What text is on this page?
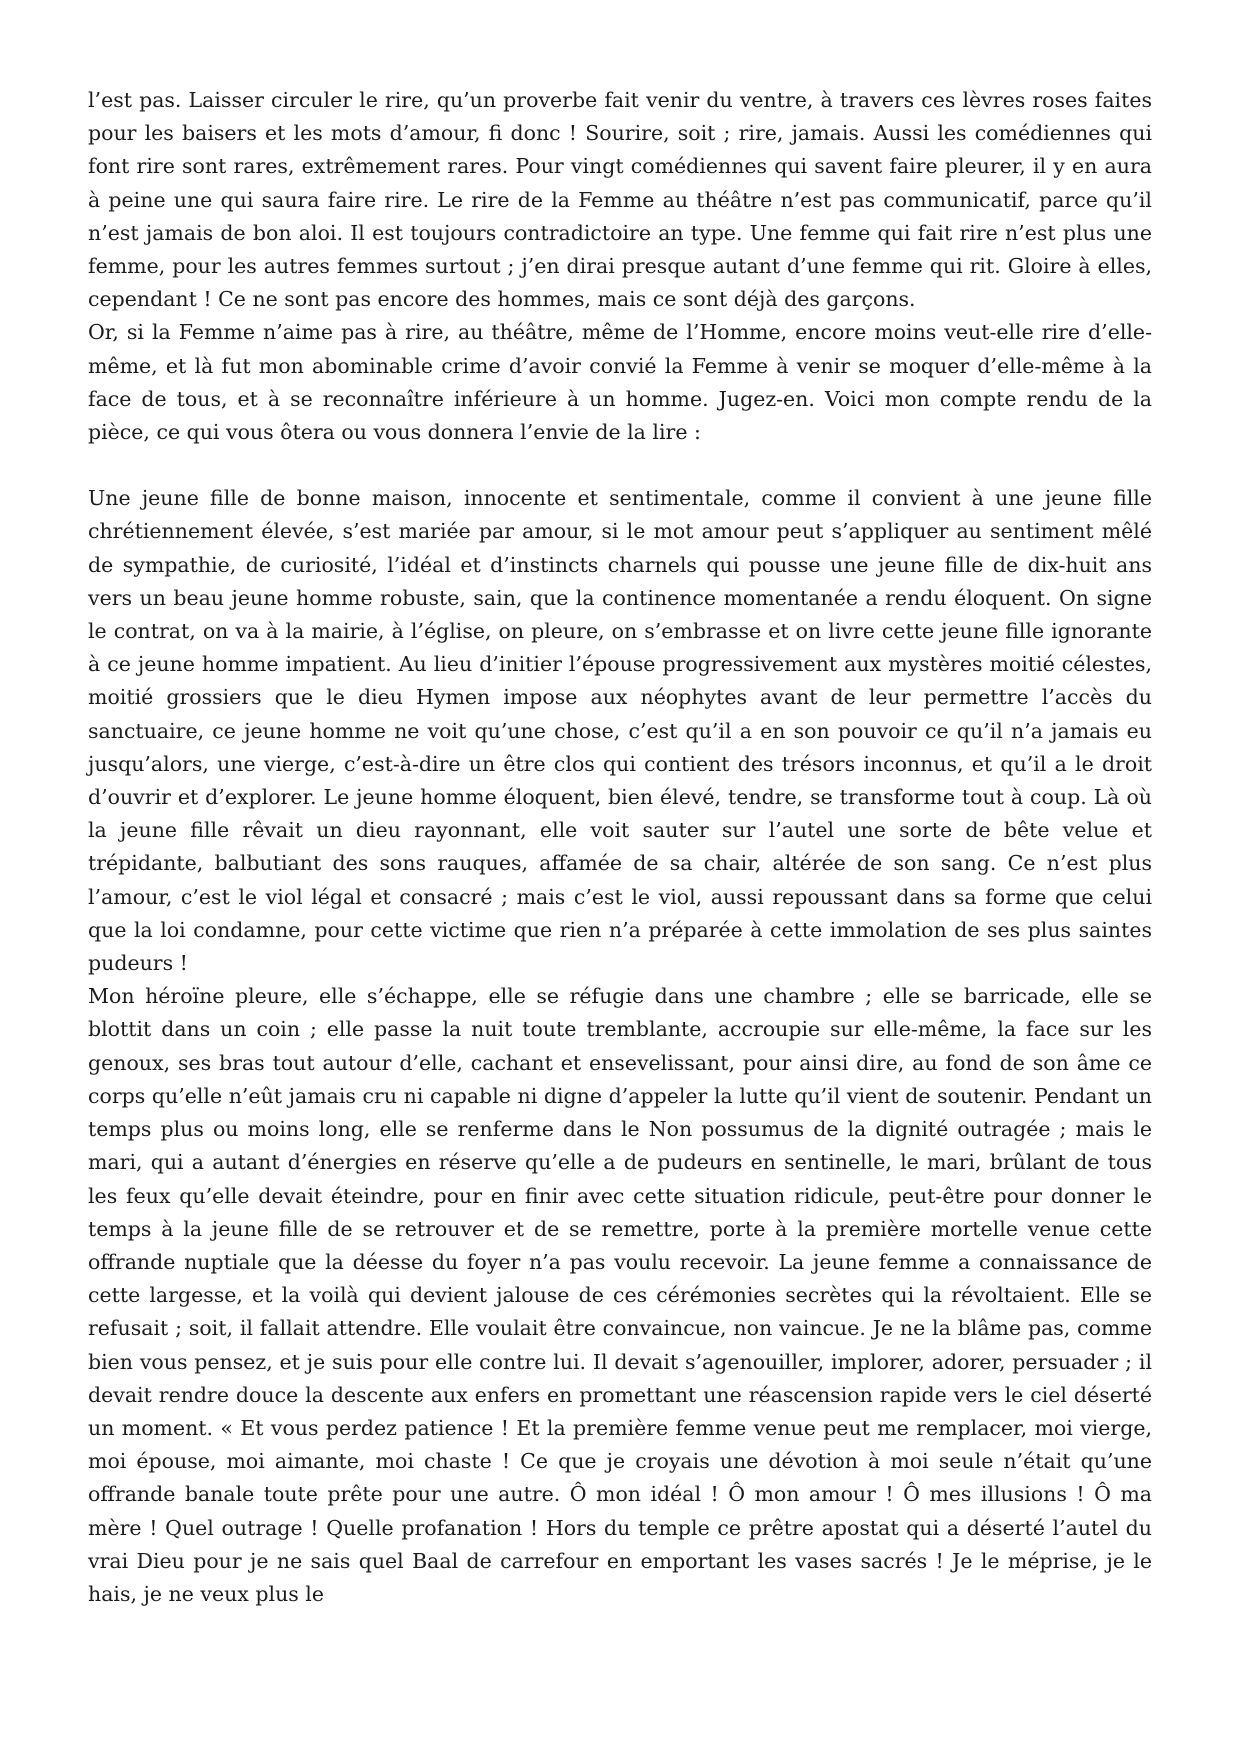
l’est pas. Laisser circuler le rire, qu’un proverbe fait venir du ventre, à travers ces lèvres roses faites pour les baisers et les mots d’amour, fi donc ! Sourire, soit ; rire, jamais. Aussi les comédiennes qui font rire sont rares, extrêmement rares. Pour vingt comédiennes qui savent faire pleurer, il y en aura à peine une qui saura faire rire. Le rire de la Femme au théâtre n’est pas communicatif, parce qu’il n’est jamais de bon aloi. Il est toujours contradictoire an type. Une femme qui fait rire n’est plus une femme, pour les autres femmes surtout ; j’en dirai presque autant d’une femme qui rit. Gloire à elles, cependant ! Ce ne sont pas encore des hommes, mais ce sont déjà des garçons.

Or, si la Femme n’aime pas à rire, au théâtre, même de l’Homme, encore moins veut-elle rire d’elle-même, et là fut mon abominable crime d’avoir convié la Femme à venir se moquer d’elle-même à la face de tous, et à se reconnaître inférieure à un homme. Jugez-en. Voici mon compte rendu de la pièce, ce qui vous ôtera ou vous donnera l’envie de la lire :

Une jeune fille de bonne maison, innocente et sentimentale, comme il convient à une jeune fille chrétiennement élevée, s’est mariée par amour, si le mot amour peut s’appliquer au sentiment mêlé de sympathie, de curiosité, l’idéal et d’instincts charnels qui pousse une jeune fille de dix-huit ans vers un beau jeune homme robuste, sain, que la continence momentanée a rendu éloquent. On signe le contrat, on va à la mairie, à l’église, on pleure, on s’embrasse et on livre cette jeune fille ignorante à ce jeune homme impatient. Au lieu d’initier l’épouse progressivement aux mystères moitié célestes, moitié grossiers que le dieu Hymen impose aux néophytes avant de leur permettre l’accès du sanctuaire, ce jeune homme ne voit qu’une chose, c’est qu’il a en son pouvoir ce qu’il n’a jamais eu jusqu’alors, une vierge, c’est-à-dire un être clos qui contient des trésors inconnus, et qu’il a le droit d’ouvrir et d’explorer. Le jeune homme éloquent, bien élevé, tendre, se transforme tout à coup. Là où la jeune fille rêvait un dieu rayonnant, elle voit sauter sur l’autel une sorte de bête velue et trépidante, balbutiant des sons rauques, affamée de sa chair, altérée de son sang. Ce n’est plus l’amour, c’est le viol légal et consacré ; mais c’est le viol, aussi repoussant dans sa forme que celui que la loi condamne, pour cette victime que rien n’a préparée à cette immolation de ses plus saintes pudeurs !

Mon héroïne pleure, elle s’échappe, elle se réfugie dans une chambre ; elle se barricade, elle se blottit dans un coin ; elle passe la nuit toute tremblante, accroupie sur elle-même, la face sur les genoux, ses bras tout autour d’elle, cachant et ensevelissant, pour ainsi dire, au fond de son âme ce corps qu’elle n’eût jamais cru ni capable ni digne d’appeler la lutte qu’il vient de soutenir. Pendant un temps plus ou moins long, elle se renferme dans le Non possumus de la dignité outragée ; mais le mari, qui a autant d’énergies en réserve qu’elle a de pudeurs en sentinelle, le mari, brûlant de tous les feux qu’elle devait éteindre, pour en finir avec cette situation ridicule, peut-être pour donner le temps à la jeune fille de se retrouver et de se remettre, porte à la première mortelle venue cette offrande nuptiale que la déesse du foyer n’a pas voulu recevoir. La jeune femme a connaissance de cette largesse, et la voilà qui devient jalouse de ces cérémonies secrètes qui la révoltaient. Elle se refusait ; soit, il fallait attendre. Elle voulait être convaincue, non vaincue. Je ne la blâme pas, comme bien vous pensez, et je suis pour elle contre lui. Il devait s’agenouiller, implorer, adorer, persuader ; il devait rendre douce la descente aux enfers en promettant une réascension rapide vers le ciel déserté un moment. « Et vous perdez patience ! Et la première femme venue peut me remplacer, moi vierge, moi épouse, moi aimante, moi chaste ! Ce que je croyais une dévotion à moi seule n’était qu’une offrande banale toute prête pour une autre. Ô mon idéal ! Ô mon amour ! Ô mes illusions ! Ô ma mère ! Quel outrage ! Quelle profanation ! Hors du temple ce prêtre apostat qui a déserté l’autel du vrai Dieu pour je ne sais quel Baal de carrefour en emportant les vases sacrés ! Je le méprise, je le hais, je ne veux plus le
